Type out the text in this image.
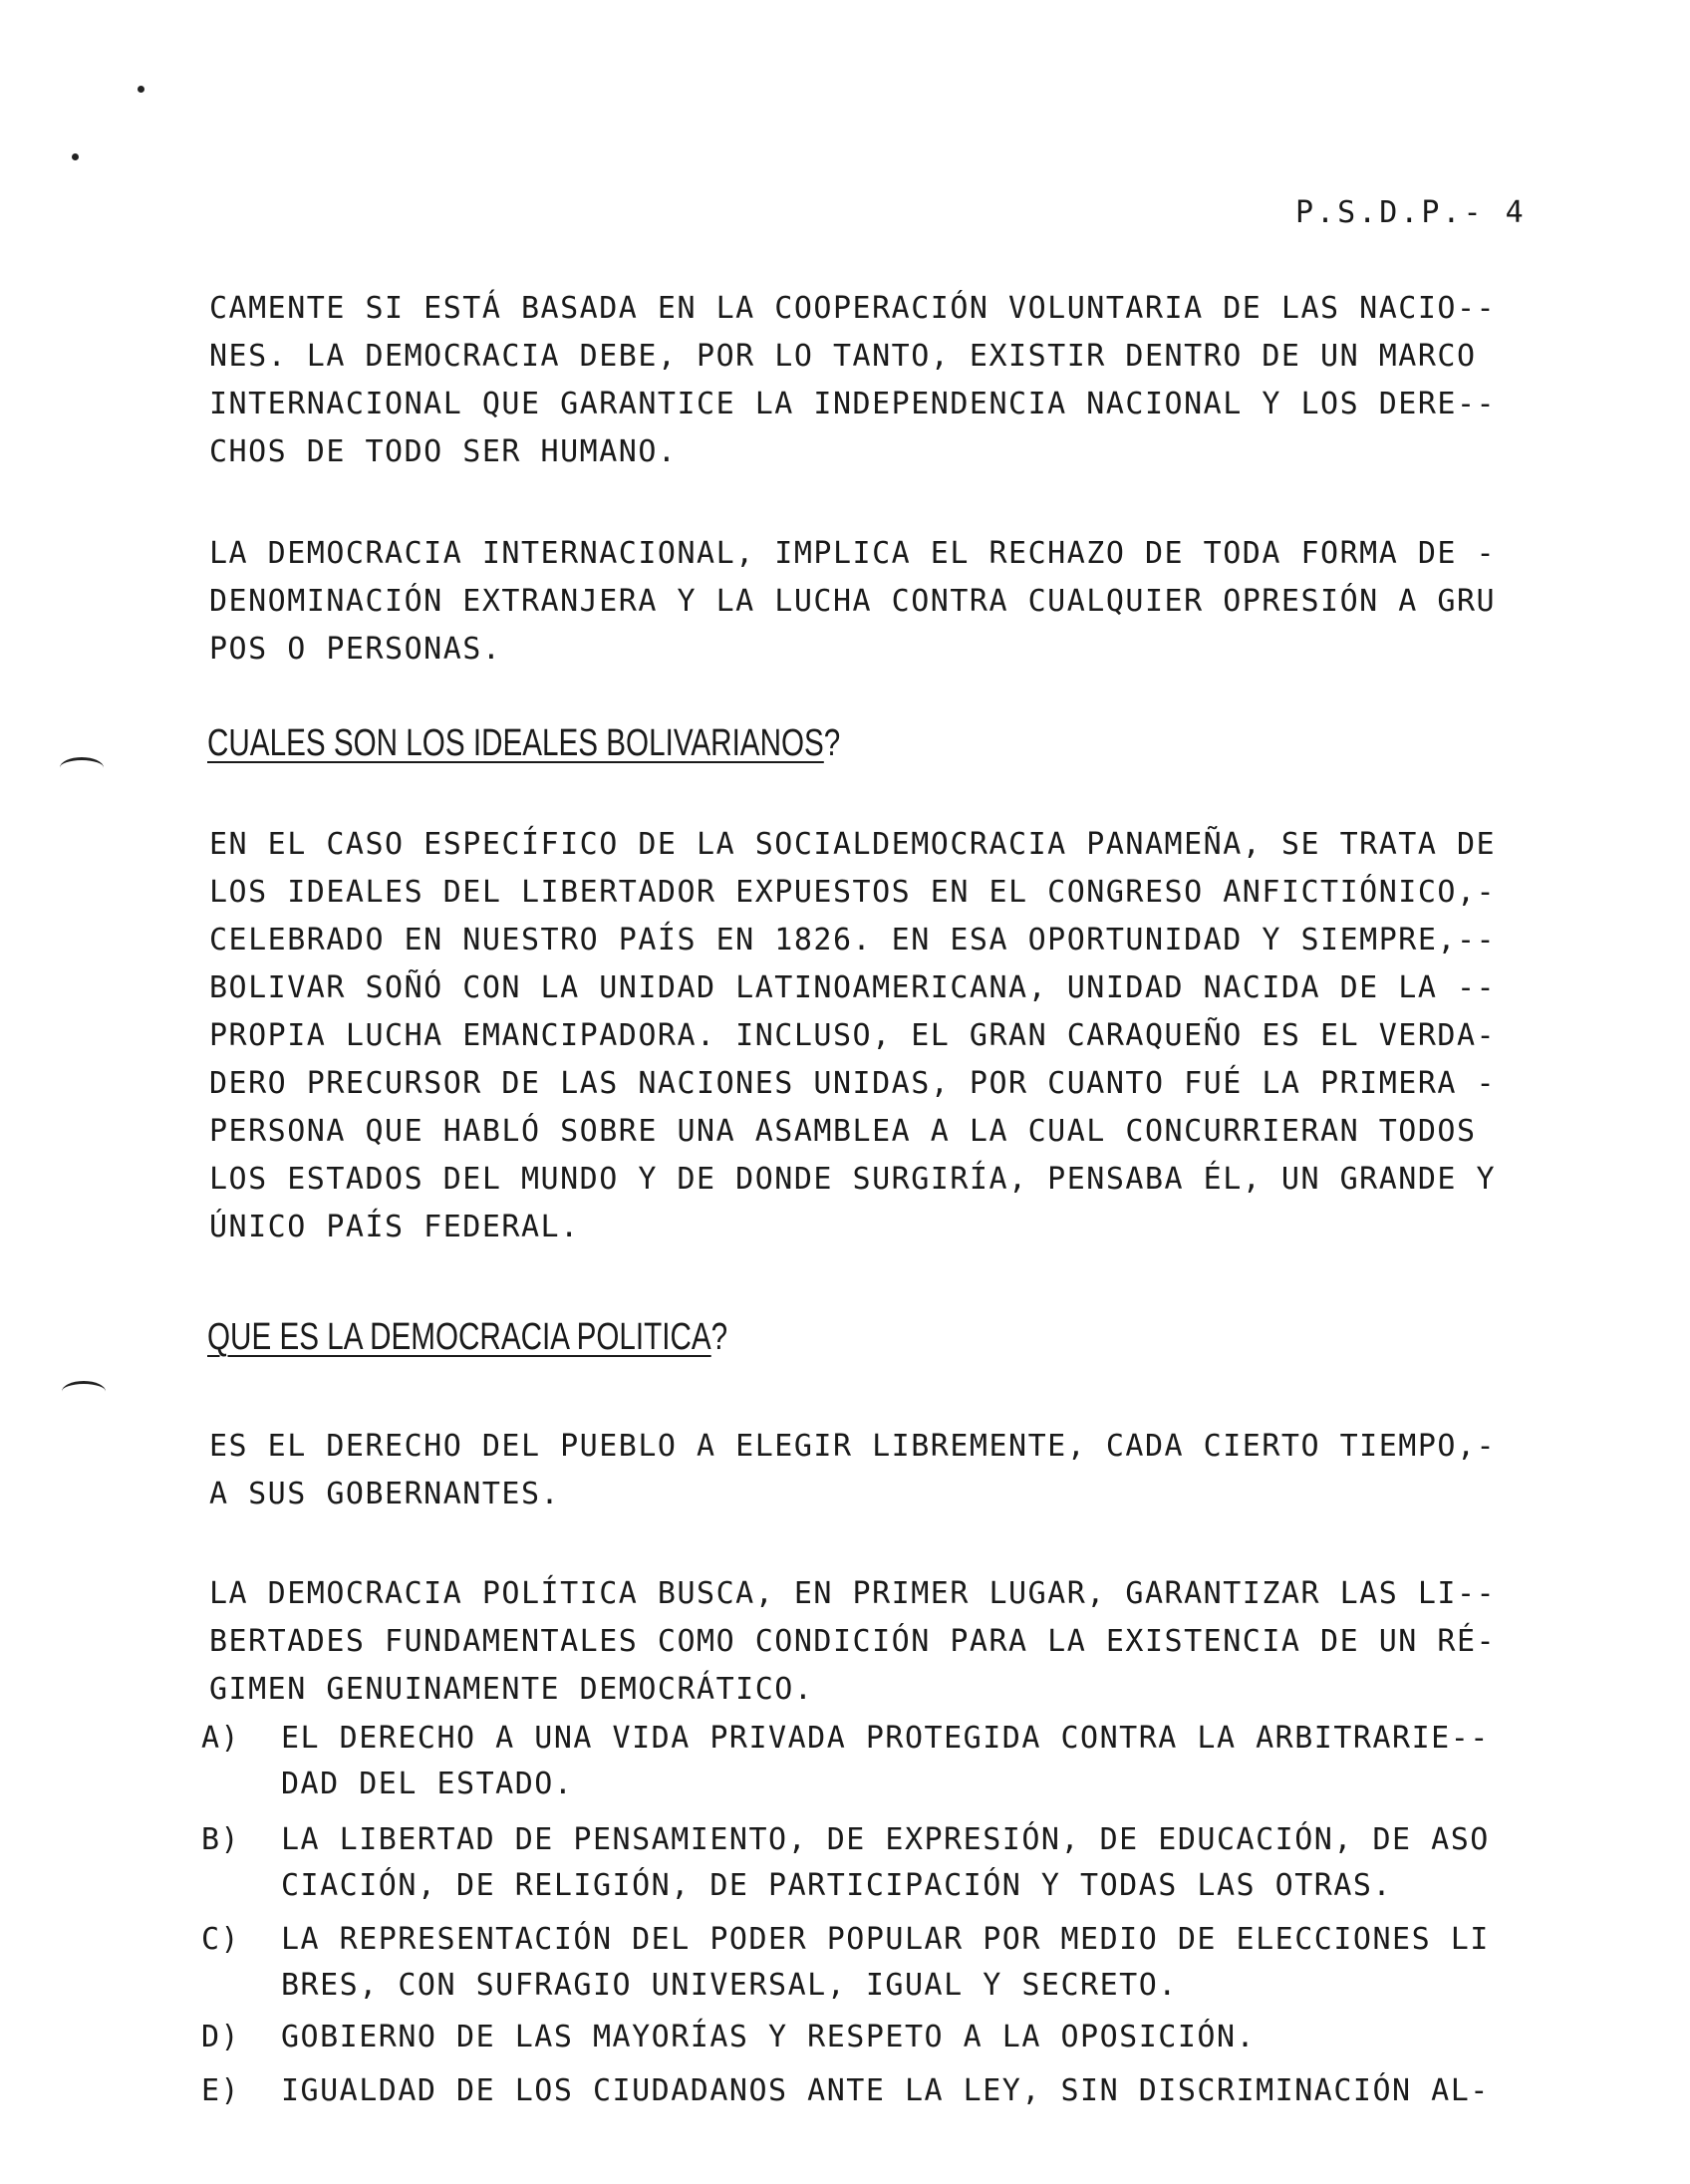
P.S.D.P.- 4
CAMENTE SI ESTÁ BASADA EN LA COOPERACIÓN VOLUNTARIA DE LAS NACIO--
NES. LA DEMOCRACIA DEBE, POR LO TANTO, EXISTIR DENTRO DE UN MARCO
INTERNACIONAL QUE GARANTICE LA INDEPENDENCIA NACIONAL Y LOS DERE--
CHOS DE TODO SER HUMANO.
LA DEMOCRACIA INTERNACIONAL, IMPLICA EL RECHAZO DE TODA FORMA DE -
DENOMINACIÓN EXTRANJERA Y LA LUCHA CONTRA CUALQUIER OPRESIÓN A GRU
POS O PERSONAS.
CUALES SON LOS IDEALES BOLIVARIANOS?
EN EL CASO ESPECÍFICO DE LA SOCIALDEMOCRACIA PANAMEÑA, SE TRATA DE
LOS IDEALES DEL LIBERTADOR EXPUESTOS EN EL CONGRESO ANFICTIÓNICO,-
CELEBRADO EN NUESTRO PAÍS EN 1826. EN ESA OPORTUNIDAD Y SIEMPRE,--
BOLIVAR SOÑÓ CON LA UNIDAD LATINOAMERICANA, UNIDAD NACIDA DE LA --
PROPIA LUCHA EMANCIPADORA. INCLUSO, EL GRAN CARAQUEÑO ES EL VERDA-
DERO PRECURSOR DE LAS NACIONES UNIDAS, POR CUANTO FUÉ LA PRIMERA -
PERSONA QUE HABLÓ SOBRE UNA ASAMBLEA A LA CUAL CONCURRIERAN TODOS
LOS ESTADOS DEL MUNDO Y DE DONDE SURGIRÍA, PENSABA ÉL, UN GRANDE Y
ÚNICO PAÍS FEDERAL.
QUE ES LA DEMOCRACIA POLITICA?
ES EL DERECHO DEL PUEBLO A ELEGIR LIBREMENTE, CADA CIERTO TIEMPO,-
A SUS GOBERNANTES.
LA DEMOCRACIA POLÍTICA BUSCA, EN PRIMER LUGAR, GARANTIZAR LAS LI--
BERTADES FUNDAMENTALES COMO CONDICIÓN PARA LA EXISTENCIA DE UN RÉ-
GIMEN GENUINAMENTE DEMOCRÁTICO.
A)	EL DERECHO A UNA VIDA PRIVADA PROTEGIDA CONTRA LA ARBITRARIE--
DAD DEL ESTADO.
B)	LA LIBERTAD DE PENSAMIENTO, DE EXPRESIÓN, DE EDUCACIÓN, DE ASO
CIACIÓN, DE RELIGIÓN, DE PARTICIPACIÓN Y TODAS LAS OTRAS.
C)	LA REPRESENTACIÓN DEL PODER POPULAR POR MEDIO DE ELECCIONES LI
BRES, CON SUFRAGIO UNIVERSAL, IGUAL Y SECRETO.
D)	GOBIERNO DE LAS MAYORÍAS Y RESPETO A LA OPOSICIÓN.
E)	IGUALDAD DE LOS CIUDADANOS ANTE LA LEY, SIN DISCRIMINACIÓN AL-
